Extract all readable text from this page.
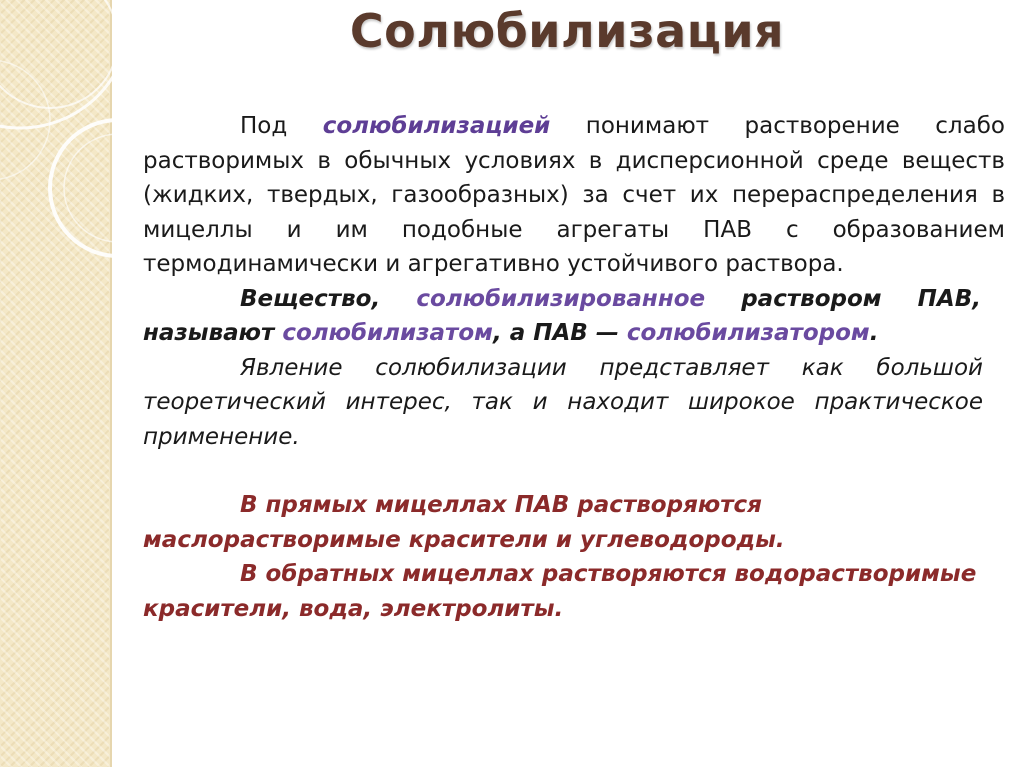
Солюбилизация

Под солюбилизацией понимают растворение слабо растворимых в обычных условиях в дисперсионной среде веществ (жидких, твердых, газообразных) за счет их перераспределения в мицеллы и им подобные агрегаты ПАВ с образованием термодинамически и агрегативно устойчивого раствора.

Вещество, солюбилизированное раствором ПАВ, называют солюбилизатом, а ПАВ — солюбилизатором.

Явление солюбилизации представляет как большой теоретический интерес, так и находит широкое практическое применение.

В прямых мицеллах ПАВ растворяются маслорастворимые красители и углеводороды.

В обратных мицеллах растворяются водорастворимые красители, вода, электролиты.
